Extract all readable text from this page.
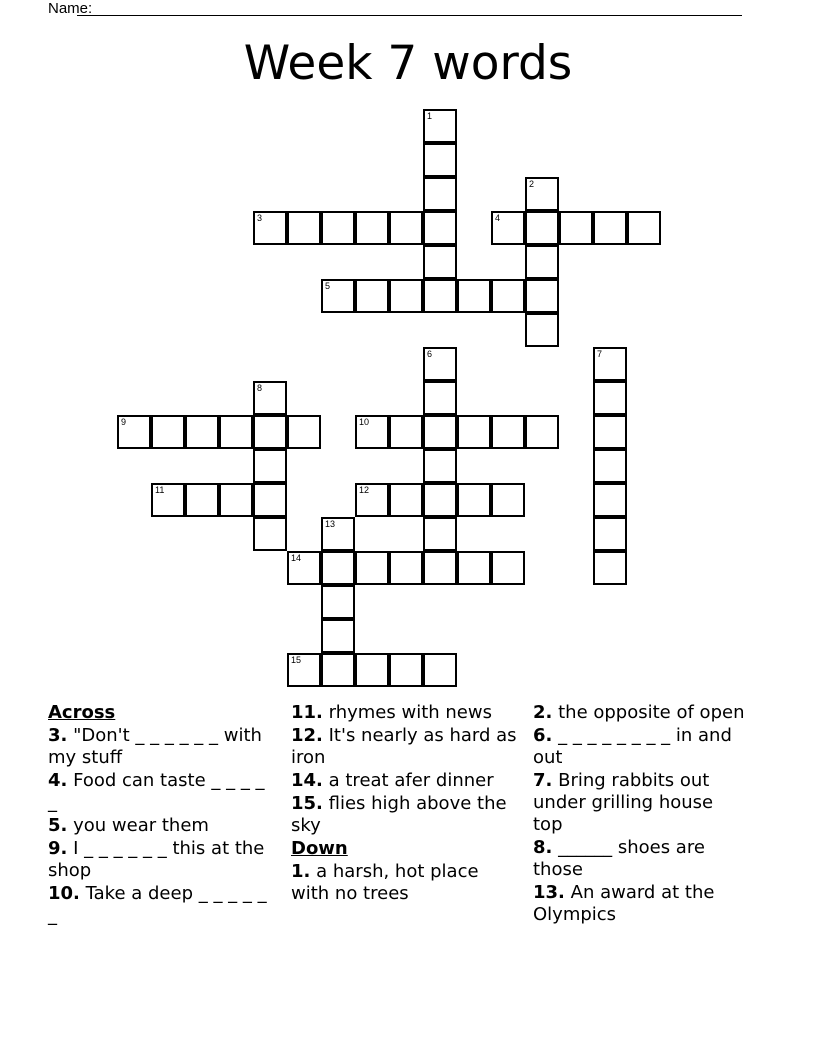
Name:
Week 7 words
1
2
3	4
5
6	7
8
9	10
11	12
13
14
15
Across
3. "Don't _ _ _ _ _ _ with my stuff
4. Food can taste _ _ _ _ _
5. you wear them
9. I _ _ _ _ _ _ this at the shop
10. Take a deep _ _ _ _ _ _
11. rhymes with news
12. It's nearly as hard as iron
14. a treat afer dinner
15. flies high above the sky
Down
1. a harsh, hot place with no trees
2. the opposite of open
6. _ _ _ _ _ _ _ _ in and out
7. Bring rabbits out under grilling house top
8. ______ shoes are those
13. An award at the Olympics
